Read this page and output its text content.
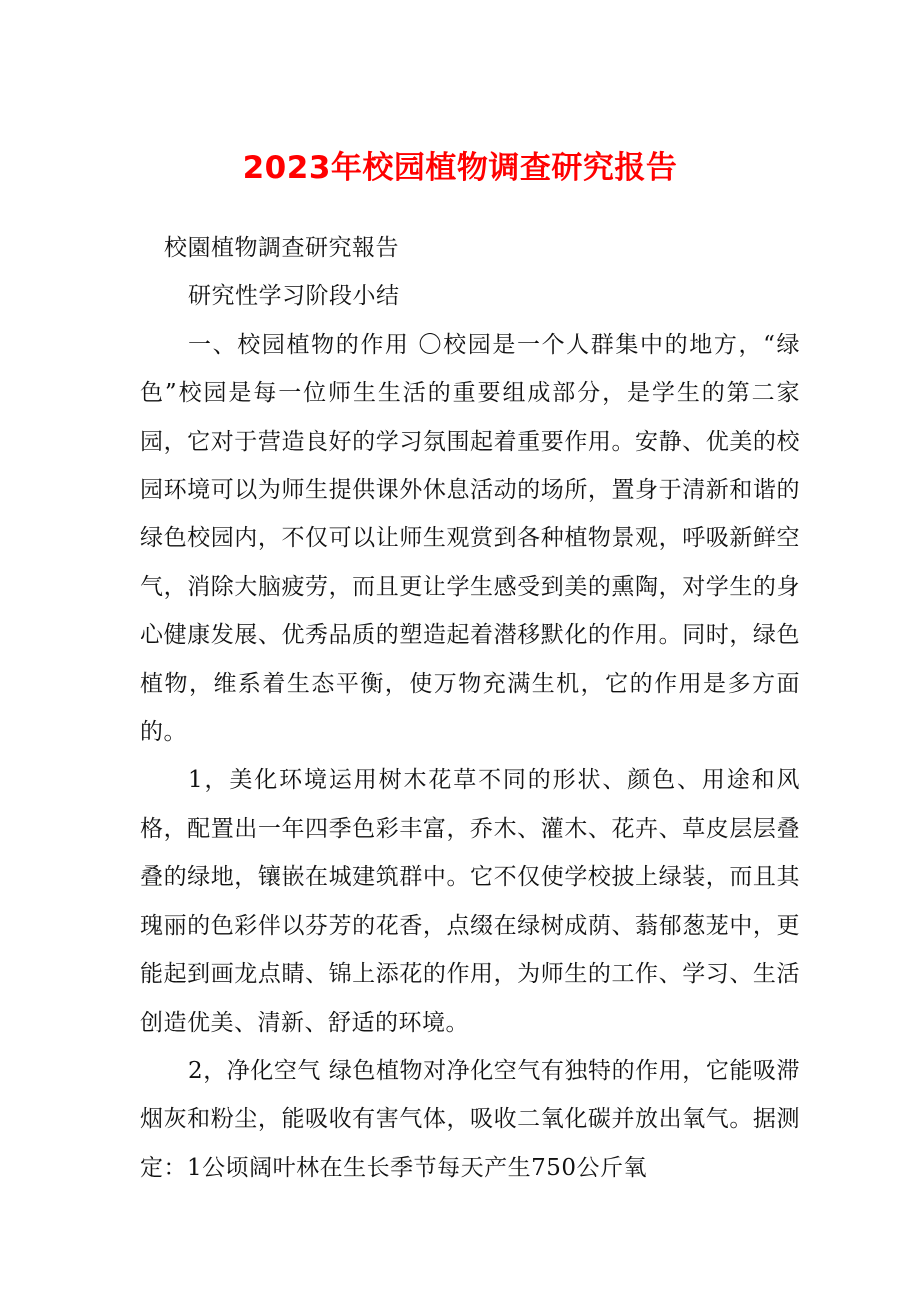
2023年校园植物调查研究报告

校園植物調查研究報告

研究性学习阶段小结

一、校园植物的作用 〇校园是一个人群集中的地方，“绿色”校园是每一位师生生活的重要组成部分，是学生的第二家园，它对于营造良好的学习氛围起着重要作用。安静、优美的校园环境可以为师生提供课外休息活动的场所，置身于清新和谐的绿色校园内，不仅可以让师生观赏到各种植物景观，呼吸新鲜空气，消除大脑疲劳，而且更让学生感受到美的熏陶，对学生的身心健康发展、优秀品质的塑造起着潜移默化的作用。同时，绿色植物，维系着生态平衡，使万物充满生机，它的作用是多方面的。

1，美化环境运用树木花草不同的形状、颜色、用途和风格，配置出一年四季色彩丰富，乔木、灌木、花卉、草皮层层叠叠的绿地，镶嵌在城建筑群中。它不仅使学校披上绿装，而且其瑰丽的色彩伴以芬芳的花香，点缀在绿树成荫、蓊郁葱茏中，更能起到画龙点睛、锦上添花的作用，为师生的工作、学习、生活创造优美、清新、舒适的环境。

2，净化空气 绿色植物对净化空气有独特的作用，它能吸滞烟灰和粉尘，能吸收有害气体，吸收二氧化碳并放出氧气。据测定：1公顷阔叶林在生长季节每天产生750公斤氧
